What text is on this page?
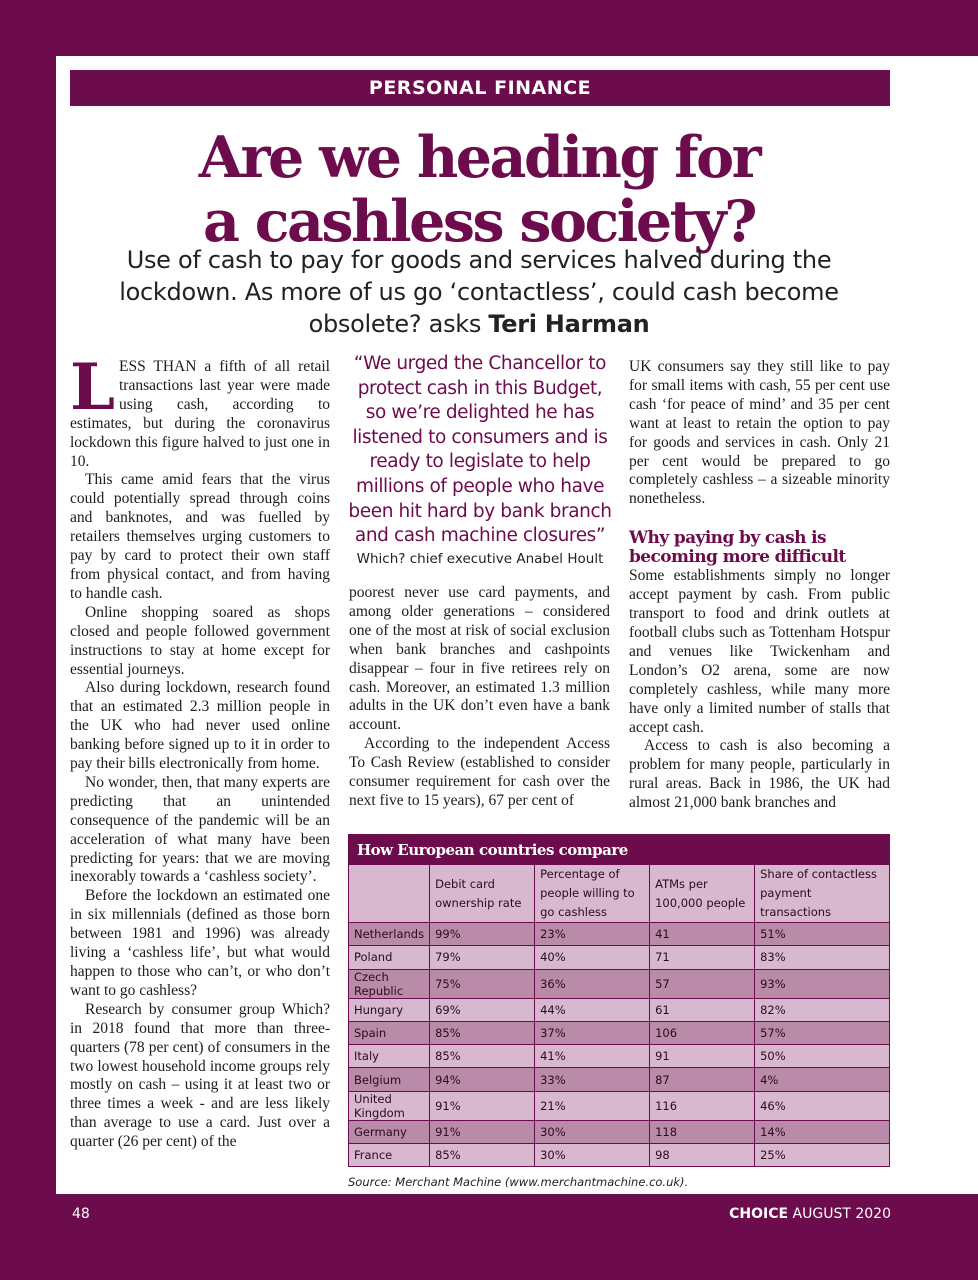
PERSONAL FINANCE
Are we heading for
a cashless society?
Use of cash to pay for goods and services halved during the lockdown. As more of us go ‘contactless’, could cash become obsolete? asks Teri Harman

LESS THAN a fifth of all retail transactions last year were made using cash, according to estimates, but during the coronavirus lockdown this figure halved to just one in 10.

This came amid fears that the virus could potentially spread through coins and banknotes, and was fuelled by retailers themselves urging customers to pay by card to protect their own staff from physical contact, and from having to handle cash.

Online shopping soared as shops closed and people followed government instructions to stay at home except for essential journeys.

Also during lockdown, research found that an estimated 2.3 million people in the UK who had never used online banking before signed up to it in order to pay their bills electronically from home.

No wonder, then, that many experts are predicting that an unintended consequence of the pandemic will be an acceleration of what many have been predicting for years: that we are moving inexorably towards a ‘cashless society’.

Before the lockdown an estimated one in six millennials (defined as those born between 1981 and 1996) was already living a ‘cashless life’, but what would happen to those who can’t, or who don’t want to go cashless?

Research by consumer group Which? in 2018 found that more than three-quarters (78 per cent) of consumers in the two lowest household income groups rely mostly on cash – using it at least two or three times a week - and are less likely than average to use a card. Just over a quarter (26 per cent) of the

“We urged the Chancellor to protect cash in this Budget, so we’re delighted he has listened to consumers and is ready to legislate to help millions of people who have been hit hard by bank branch and cash machine closures”
Which? chief executive Anabel Hoult

poorest never use card payments, and among older generations – considered one of the most at risk of social exclusion when bank branches and cashpoints disappear – four in five retirees rely on cash. Moreover, an estimated 1.3 million adults in the UK don’t even have a bank account.

According to the independent Access To Cash Review (established to consider consumer requirement for cash over the next five to 15 years), 67 per cent of

UK consumers say they still like to pay for small items with cash, 55 per cent use cash ‘for peace of mind’ and 35 per cent want at least to retain the option to pay for goods and services in cash. Only 21 per cent would be prepared to go completely cashless – a sizeable minority nonetheless.

Why paying by cash is becoming more difficult

Some establishments simply no longer accept payment by cash. From public transport to food and drink outlets at football clubs such as Tottenham Hotspur and venues like Twickenham and London’s O2 arena, some are now completely cashless, while many more have only a limited number of stalls that accept cash.

Access to cash is also becoming a problem for many people, particularly in rural areas. Back in 1986, the UK had almost 21,000 bank branches and

How European countries compare				
	Debit card ownership rate	Percentage of people willing to go cashless	ATMs per 100,000 people	Share of contactless payment transactions
Netherlands	99%	23%	41	51%
Poland	79%	40%	71	83%
Czech Republic	75%	36%	57	93%
Hungary	69%	44%	61	82%
Spain	85%	37%	106	57%
Italy	85%	41%	91	50%
Belgium	94%	33%	87	4%
United Kingdom	91%	21%	116	46%
Germany	91%	30%	118	14%
France	85%	30%	98	25%
Source: Merchant Machine (www.merchantmachine.co.uk).
48	CHOICE AUGUST 2020
